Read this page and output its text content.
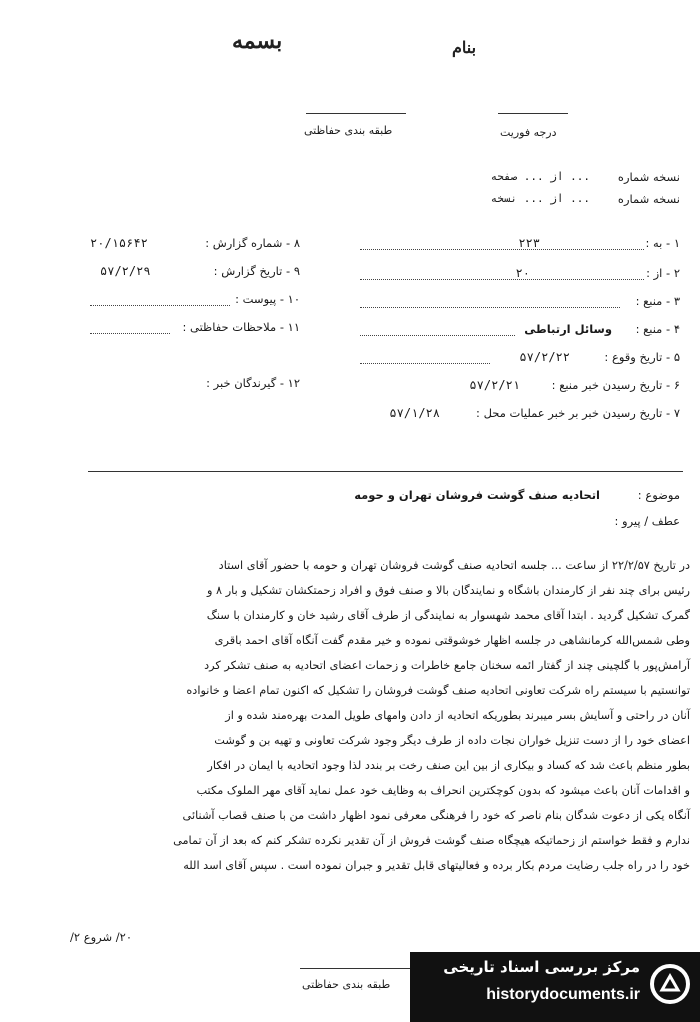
بسمه	بنام
طبقه بندی حفاظتی	درجه فوریت
نسخه شماره
... از ... صفحه
نسخه شماره
... از ... نسخه
۱ - به :
۲۲۳
۲ - از :
۲۰
۳ - منبع :
۴ - منبع :
وسائل ارتباطی
۵ - تاریخ وقوع :
۵۷/۲/۲۲
۶ - تاریخ رسیدن خبر منبع :
۵۷/۲/۲۱
۷ - تاریخ رسیدن خبر بر خبر عملیات محل :
۵۷/۱/۲۸
۸ - شماره گزارش :
۲۰/۱۵۶۴۲
۹ - تاریخ گزارش :
۵۷/۲/۲۹
۱۰ - پیوست :
۱۱ - ملاحظات حفاظتی :
۱۲ - گیرندگان خبر :
موضوع :
اتحادیه صنف گوشت فروشان تهران و حومه
عطف / پیرو :
در تاریخ ۲۲/۲/۵۷ از ساعت ... جلسه اتحادیه صنف گوشت فروشان تهران و حومه با حضور آقای استاد
رئیس برای چند نفر از کارمندان باشگاه و نمایندگان بالا و صنف فوق و افراد زحمتکشان تشکیل و بار ۸ و
گمرک تشکیل گردید . ابتدا آقای محمد شهسوار به نمایندگی از طرف آقای رشید خان و کارمندان با سنگ
وطی شمس‌الله کرمانشاهی در جلسه اظهار خوشوقتی نموده و خیر مقدم گفت آنگاه آقای احمد باقری
آرامش‌پور با گلچینی چند از گفتار ائمه سخنان جامع خاطرات و زحمات اعضای اتحادیه به صنف تشکر کرد
توانستیم با سیستم راه شرکت تعاونی اتحادیه صنف گوشت فروشان را تشکیل که اکنون تمام اعضا و خانواده
آنان در راحتی و آسایش بسر میبرند بطوریکه اتحادیه از دادن وامهای طویل المدت بهره‌مند شده و از
اعضای خود را از دست تنزیل خواران نجات داده از طرف دیگر وجود شرکت تعاونی و تهیه بن و گوشت
بطور منظم باعث شد که کساد و بیکاری از بین این صنف رخت بر بندد لذا وجود اتحادیه با ایمان در افکار
و اقدامات آنان باعث میشود که بدون کوچکترین انحراف به وظایف خود عمل نماید آقای مهر الملوک مکتب
آنگاه یکی از دعوت شدگان بنام ناصر که خود را فرهنگی معرفی نمود اظهار داشت من با صنف قصاب آشنائی
ندارم و فقط خواستم از زحماتیکه هیچگاه صنف گوشت فروش از آن تقدیر نکرده تشکر کنم که بعد از آن تمامی
خود را در راه جلب رضایت مردم بکار برده و فعالیتهای قابل تقدیر و جبران نموده است . سپس آقای اسد الله
۲۰/ شروع ۲/
طبقه بندی حفاظتی
مرکز بررسی اسناد تاریخی
historydocuments.ir
